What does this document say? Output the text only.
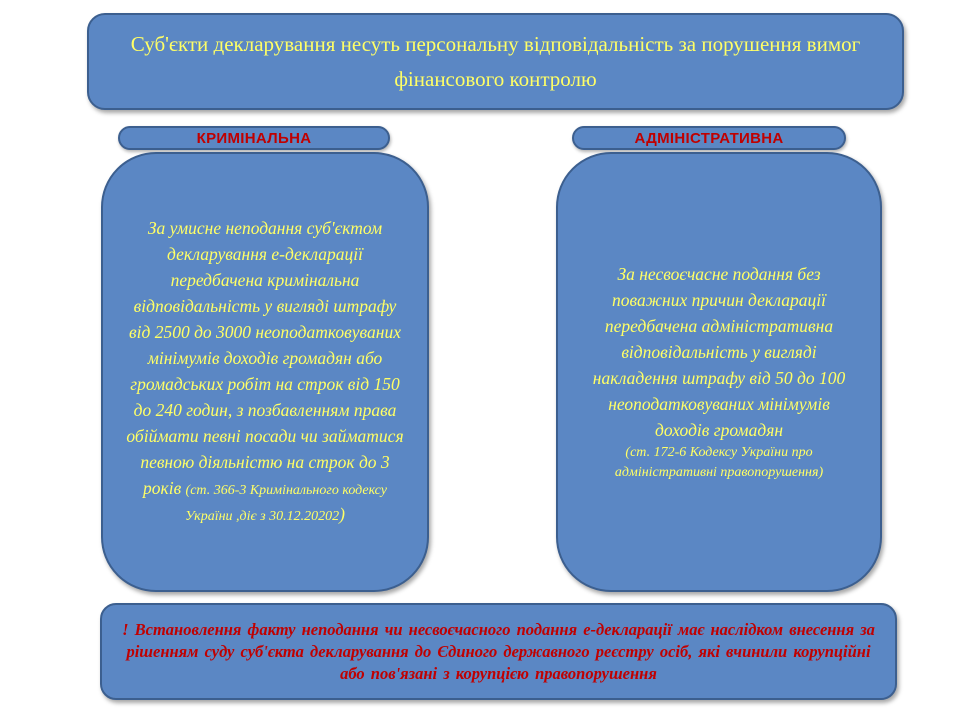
Суб'єкти декларування несуть персональну відповідальність за порушення вимог фінансового контролю

КРИМІНАЛЬНА	АДМІНІСТРАТИВНА

За умисне неподання суб'єктом декларування е-декларації передбачена кримінальна відповідальність у вигляді штрафу від 2500 до 3000 неоподатковуваних мінімумів доходів громадян або громадських робіт на строк від 150 до 240 годин, з позбавленням права обіймати певні посади чи займатися певною діяльністю на строк до 3 років (ст. 366-3 Кримінального кодексу України ,діє з 30.12.20202)

За несвоєчасне подання без поважних причин декларації передбачена адміністративна відповідальність у вигляді накладення штрафу від 50 до 100 неоподатковуваних мінімумів доходів громадян

(ст. 172-6 Кодексу України про адміністративні правопорушення)

! Встановлення факту неподання чи несвоєчасного подання е-декларації має наслідком внесення за рішенням суду суб'єкта декларування до Єдиного державного реєстру осіб, які вчинили корупційні або пов'язані з корупцією правопорушення
